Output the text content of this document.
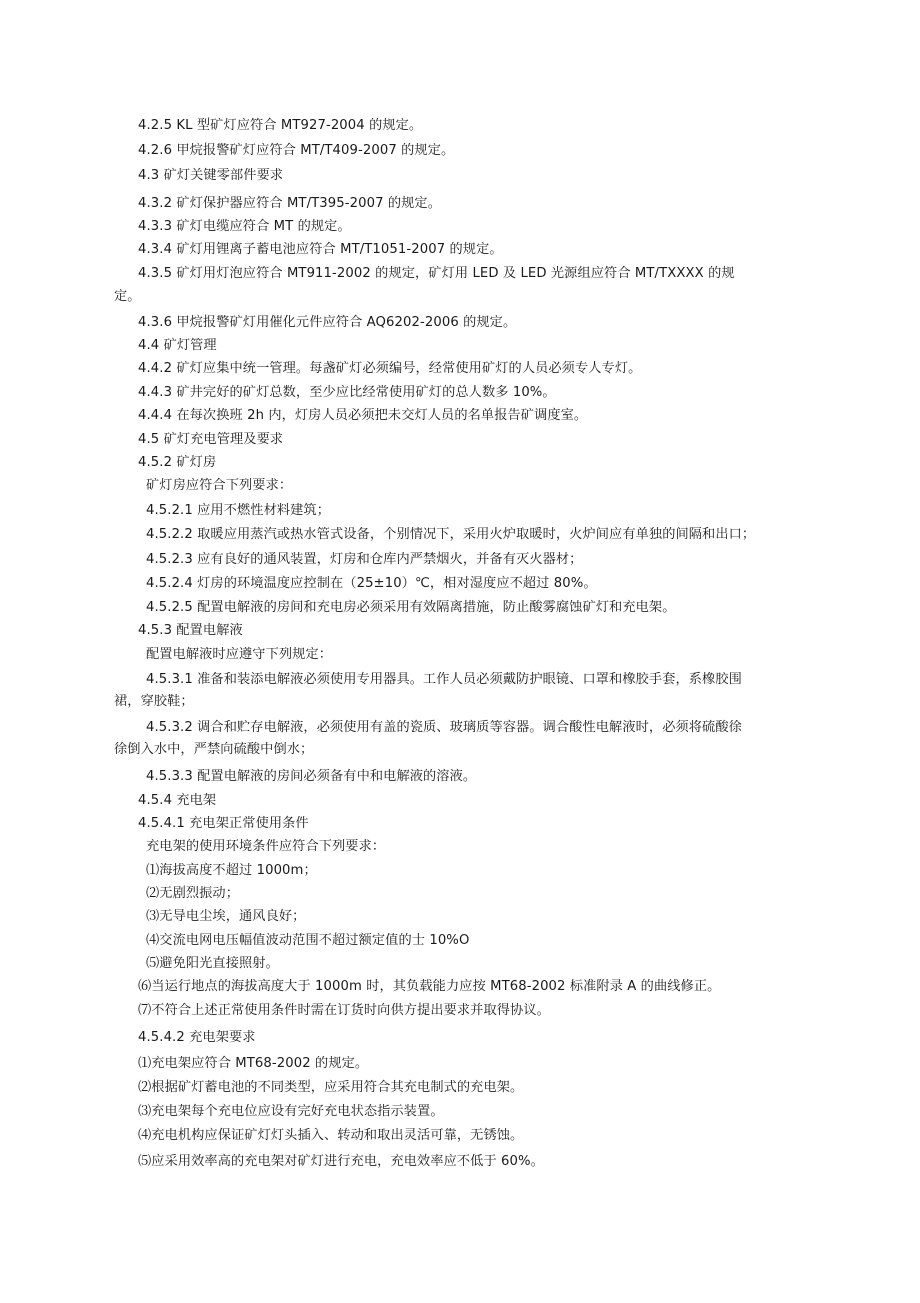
4.2.5 KL 型矿灯应符合 MT927-2004 的规定。
4.2.6 甲烷报警矿灯应符合 MT/T409-2007 的规定。
4.3 矿灯关键零部件要求
4.3.2 矿灯保护器应符合 MT/T395-2007 的规定。
4.3.3 矿灯电缆应符合 MT 的规定。
4.3.4 矿灯用锂离子蓄电池应符合 MT/T1051-2007 的规定。
4.3.5 矿灯用灯泡应符合 MT911-2002 的规定，矿灯用 LED 及 LED 光源组应符合 MT/TXXXX 的规
定。
4.3.6 甲烷报警矿灯用催化元件应符合 AQ6202-2006 的规定。
4.4 矿灯管理
4.4.2 矿灯应集中统一管理。每盏矿灯必须编号，经常使用矿灯的人员必须专人专灯。
4.4.3 矿井完好的矿灯总数，至少应比经常使用矿灯的总人数多 10%。
4.4.4 在每次换班 2h 内，灯房人员必须把未交灯人员的名单报告矿调度室。
4.5 矿灯充电管理及要求
4.5.2 矿灯房
矿灯房应符合下列要求：
4.5.2.1 应用不燃性材料建筑；
4.5.2.2 取暖应用蒸汽或热水管式设备，个别情况下，采用火炉取暖时，火炉间应有单独的间隔和出口；
4.5.2.3 应有良好的通风装置，灯房和仓库内严禁烟火，并备有灭火器材；
4.5.2.4 灯房的环境温度应控制在（25±10）℃，相对湿度应不超过 80%。
4.5.2.5 配置电解液的房间和充电房必须采用有效隔离措施，防止酸雾腐蚀矿灯和充电架。
4.5.3 配置电解液
配置电解液时应遵守下列规定：
4.5.3.1 准备和装添电解液必须使用专用器具。工作人员必须戴防护眼镜、口罩和橡胶手套，系橡胶围
裙，穿胶鞋；
4.5.3.2 调合和贮存电解液，必须使用有盖的瓷质、玻璃质等容器。调合酸性电解液时，必须将硫酸徐
徐倒入水中，严禁向硫酸中倒水；
4.5.3.3 配置电解液的房间必须备有中和电解液的溶液。
4.5.4 充电架
4.5.4.1 充电架正常使用条件
充电架的使用环境条件应符合下列要求：
⑴海拔高度不超过 1000m；
⑵无剧烈振动；
⑶无导电尘埃，通风良好；
⑷交流电网电压幅值波动范围不超过额定值的士 10%O
⑸避免阳光直接照射。
⑹当运行地点的海拔高度大于 1000m 时，其负载能力应按 MT68-2002 标准附录 A 的曲线修正。
⑺不符合上述正常使用条件时需在订货时向供方提出要求并取得协议。
4.5.4.2 充电架要求
⑴充电架应符合 MT68-2002 的规定。
⑵根据矿灯蓄电池的不同类型，应采用符合其充电制式的充电架。
⑶充电架每个充电位应设有完好充电状态指示装置。
⑷充电机构应保证矿灯灯头插入、转动和取出灵活可靠，无锈蚀。
⑸应采用效率高的充电架对矿灯进行充电，充电效率应不低于 60%。
